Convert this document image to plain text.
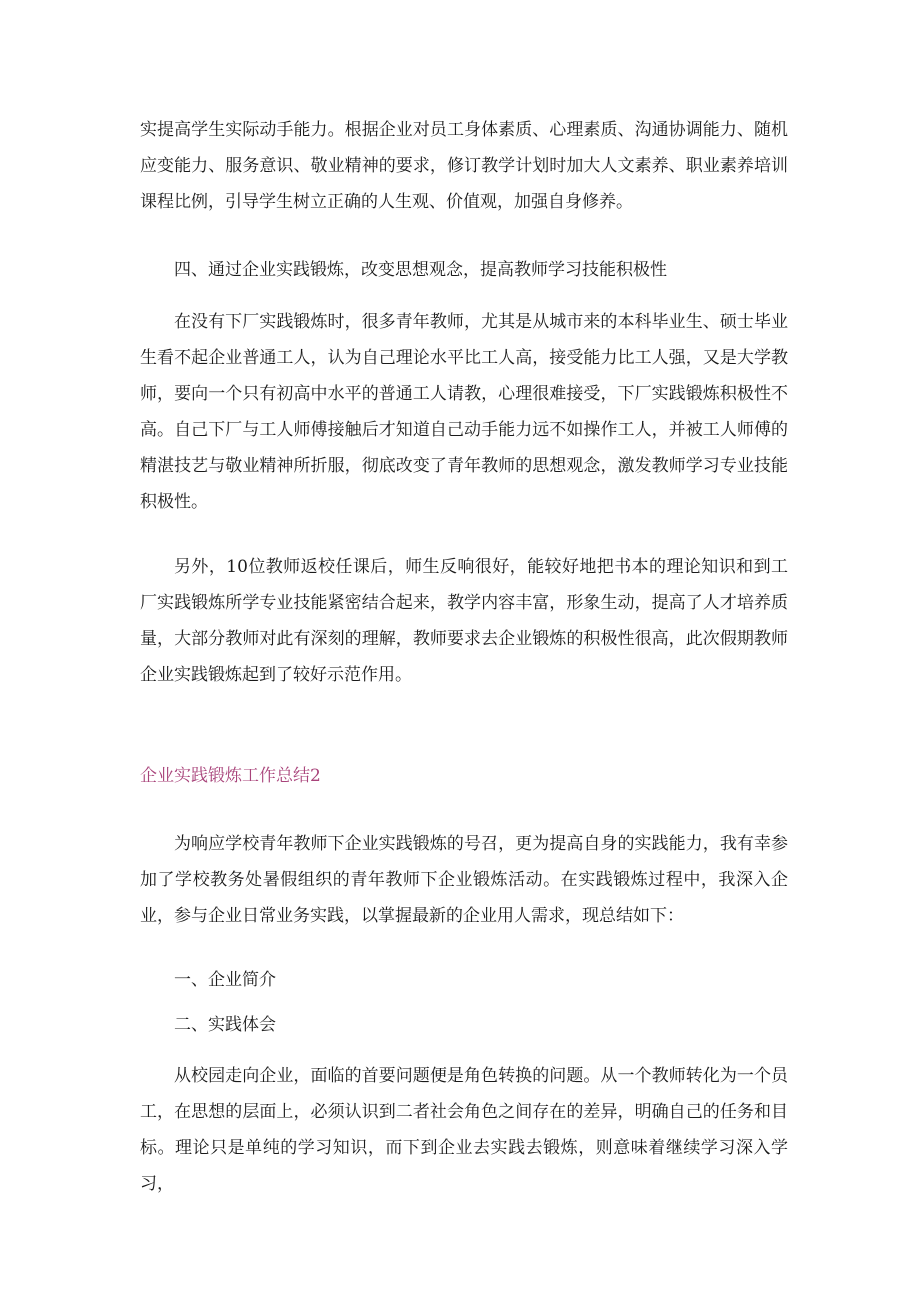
实提高学生实际动手能力。根据企业对员工身体素质、心理素质、沟通协调能力、随机应变能力、服务意识、敬业精神的要求，修订教学计划时加大人文素养、职业素养培训课程比例，引导学生树立正确的人生观、价值观，加强自身修养。

四、通过企业实践锻炼，改变思想观念，提高教师学习技能积极性

在没有下厂实践锻炼时，很多青年教师，尤其是从城市来的本科毕业生、硕士毕业生看不起企业普通工人，认为自己理论水平比工人高，接受能力比工人强，又是大学教师，要向一个只有初高中水平的普通工人请教，心理很难接受，下厂实践锻炼积极性不高。自己下厂与工人师傅接触后才知道自己动手能力远不如操作工人，并被工人师傅的精湛技艺与敬业精神所折服，彻底改变了青年教师的思想观念，激发教师学习专业技能积极性。

另外，10位教师返校任课后，师生反响很好，能较好地把书本的理论知识和到工厂实践锻炼所学专业技能紧密结合起来，教学内容丰富，形象生动，提高了人才培养质量，大部分教师对此有深刻的理解，教师要求去企业锻炼的积极性很高，此次假期教师企业实践锻炼起到了较好示范作用。

企业实践锻炼工作总结2

为响应学校青年教师下企业实践锻炼的号召，更为提高自身的实践能力，我有幸参加了学校教务处暑假组织的青年教师下企业锻炼活动。在实践锻炼过程中，我深入企业，参与企业日常业务实践，以掌握最新的企业用人需求，现总结如下：

一、企业简介

二、实践体会

从校园走向企业，面临的首要问题便是角色转换的问题。从一个教师转化为一个员工，在思想的层面上，必须认识到二者社会角色之间存在的差异，明确自己的任务和目标。理论只是单纯的学习知识，而下到企业去实践去锻炼，则意味着继续学习深入学习，
